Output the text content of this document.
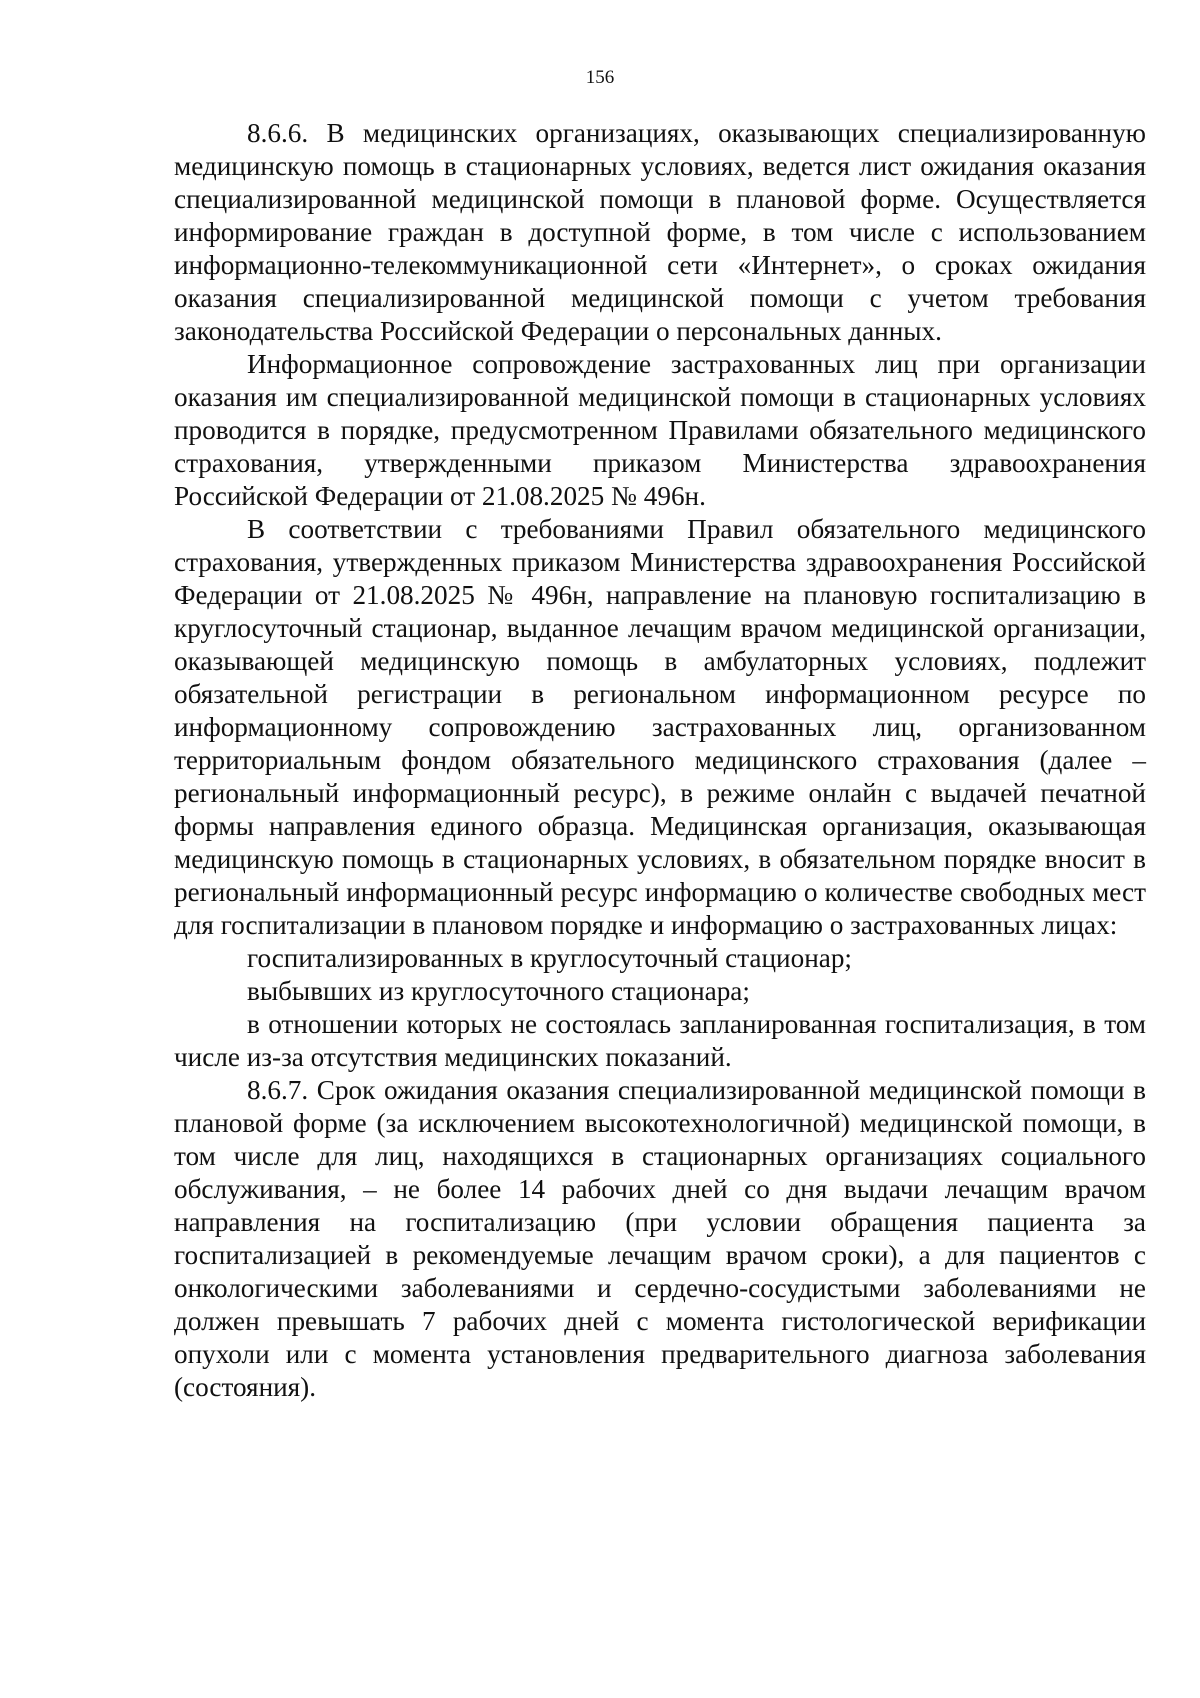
156

8.6.6. В медицинских организациях, оказывающих специализированную медицинскую помощь в стационарных условиях, ведется лист ожидания оказания специализированной медицинской помощи в плановой форме. Осуществляется информирование граждан в доступной форме, в том числе с использованием информационно-телекоммуникационной сети «Интернет», о сроках ожидания оказания специализированной медицинской помощи с учетом требования законодательства Российской Федерации о персональных данных.

Информационное сопровождение застрахованных лиц при организации оказания им специализированной медицинской помощи в стационарных условиях проводится в порядке, предусмотренном Правилами обязательного медицинского страхования, утвержденными приказом Министерства здравоохранения Российской Федерации от 21.08.2025 № 496н.

В соответствии с требованиями Правил обязательного медицинского страхования, утвержденных приказом Министерства здравоохранения Российской Федерации от 21.08.2025 № 496н, направление на плановую госпитализацию в круглосуточный стационар, выданное лечащим врачом медицинской организации, оказывающей медицинскую помощь в амбулаторных условиях, подлежит обязательной регистрации в региональном информационном ресурсе по информационному сопровождению застрахованных лиц, организованном территориальным фондом обязательного медицинского страхования (далее – региональный информационный ресурс), в режиме онлайн с выдачей печатной формы направления единого образца. Медицинская организация, оказывающая медицинскую помощь в стационарных условиях, в обязательном порядке вносит в региональный информационный ресурс информацию о количестве свободных мест для госпитализации в плановом порядке и информацию о застрахованных лицах:

госпитализированных в круглосуточный стационар;

выбывших из круглосуточного стационара;

в отношении которых не состоялась запланированная госпитализация, в том числе из-за отсутствия медицинских показаний.

8.6.7. Срок ожидания оказания специализированной медицинской помощи в плановой форме (за исключением высокотехнологичной) медицинской помощи, в том числе для лиц, находящихся в стационарных организациях социального обслуживания, – не более 14 рабочих дней со дня выдачи лечащим врачом направления на госпитализацию (при условии обращения пациента за госпитализацией в рекомендуемые лечащим врачом сроки), а для пациентов с онкологическими заболеваниями и сердечно-сосудистыми заболеваниями не должен превышать 7 рабочих дней с момента гистологической верификации опухоли или с момента установления предварительного диагноза заболевания (состояния).
